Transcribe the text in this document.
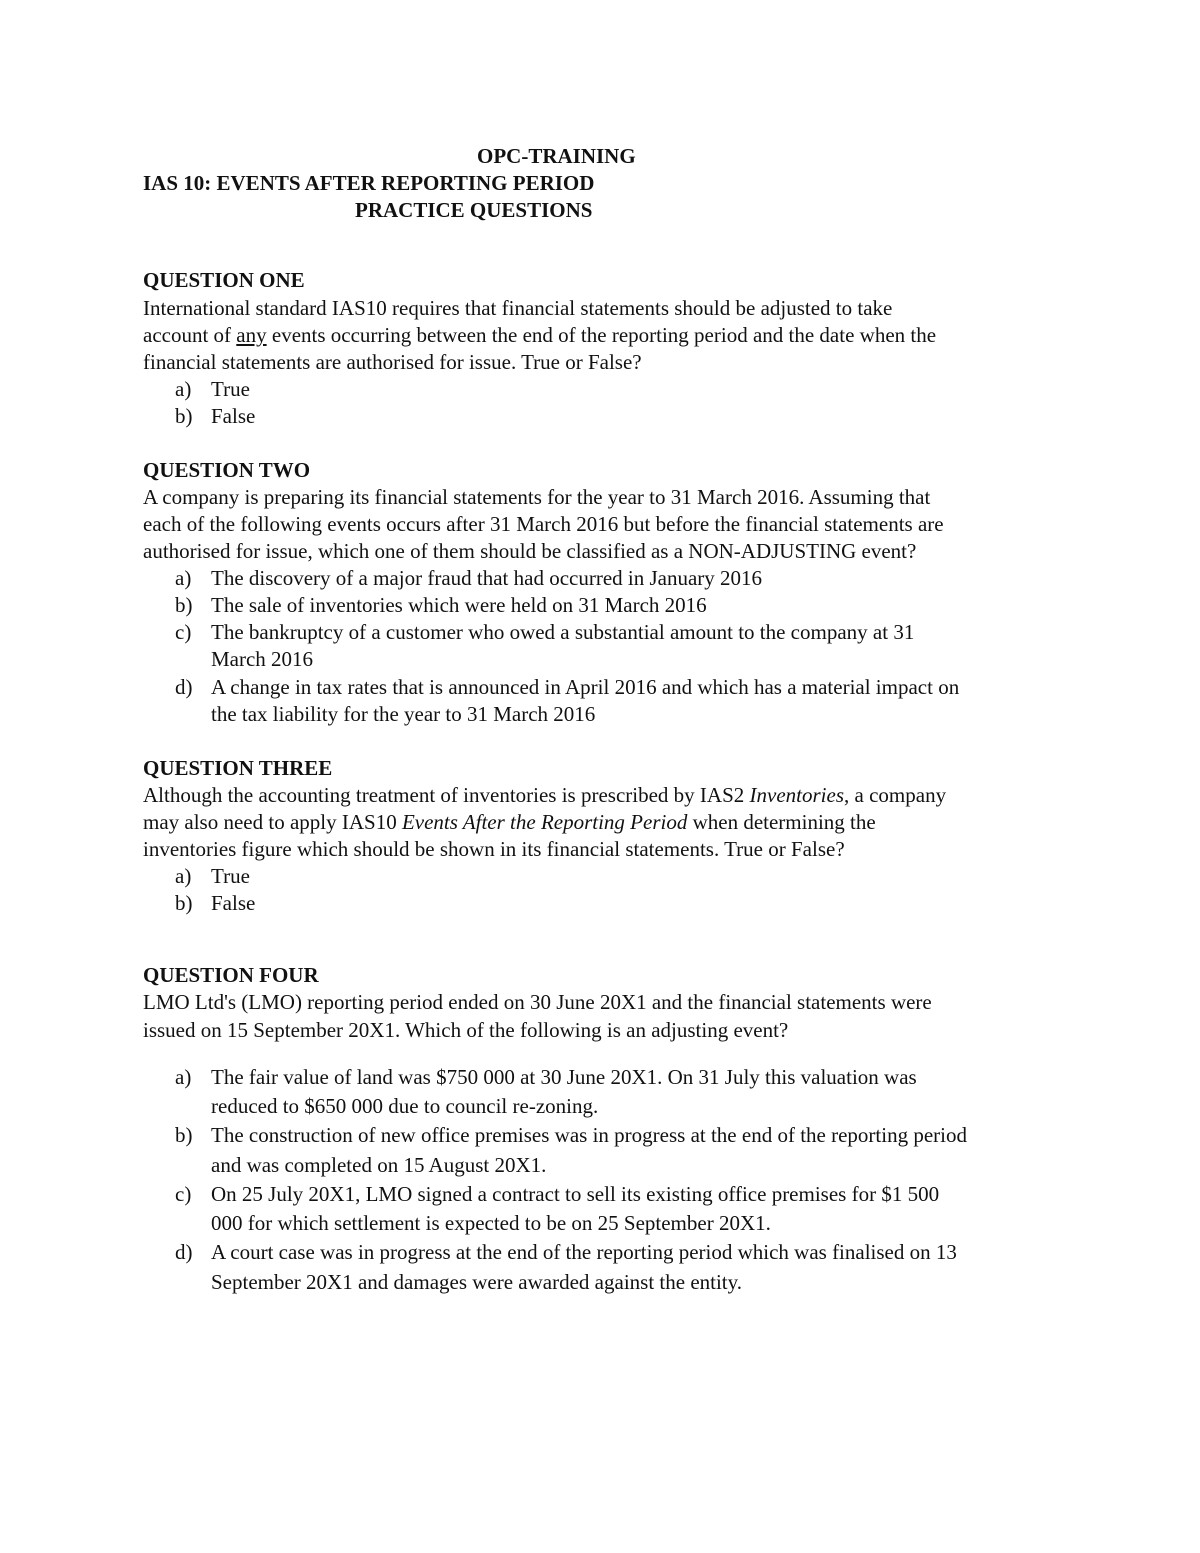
OPC-TRAINING

IAS 10: EVENTS AFTER REPORTING PERIOD

PRACTICE QUESTIONS

QUESTION ONE

International standard IAS10 requires that financial statements should be adjusted to take

account of any events occurring between the end of the reporting period and the date when the

financial statements are authorised for issue. True or False?

a) True

b) False

QUESTION TWO

A company is preparing its financial statements for the year to 31 March 2016. Assuming that

each of the following events occurs after 31 March 2016 but before the financial statements are

authorised for issue, which one of them should be classified as a NON-ADJUSTING event?

a) The discovery of a major fraud that had occurred in January 2016

b) The sale of inventories which were held on 31 March 2016

c) The bankruptcy of a customer who owed a substantial amount to the company at 31

March 2016

d) A change in tax rates that is announced in April 2016 and which has a material impact on

the tax liability for the year to 31 March 2016

QUESTION THREE

Although the accounting treatment of inventories is prescribed by IAS2 Inventories, a company

may also need to apply IAS10 Events After the Reporting Period when determining the

inventories figure which should be shown in its financial statements. True or False?

a) True

b) False

QUESTION FOUR

LMO Ltd's (LMO) reporting period ended on 30 June 20X1 and the financial statements were

issued on 15 September 20X1. Which of the following is an adjusting event?

a) The fair value of land was $750 000 at 30 June 20X1. On 31 July this valuation was

reduced to $650 000 due to council re-zoning.

b) The construction of new office premises was in progress at the end of the reporting period

and was completed on 15 August 20X1.

c) On 25 July 20X1, LMO signed a contract to sell its existing office premises for $1 500

000 for which settlement is expected to be on 25 September 20X1.

d) A court case was in progress at the end of the reporting period which was finalised on 13

September 20X1 and damages were awarded against the entity.
